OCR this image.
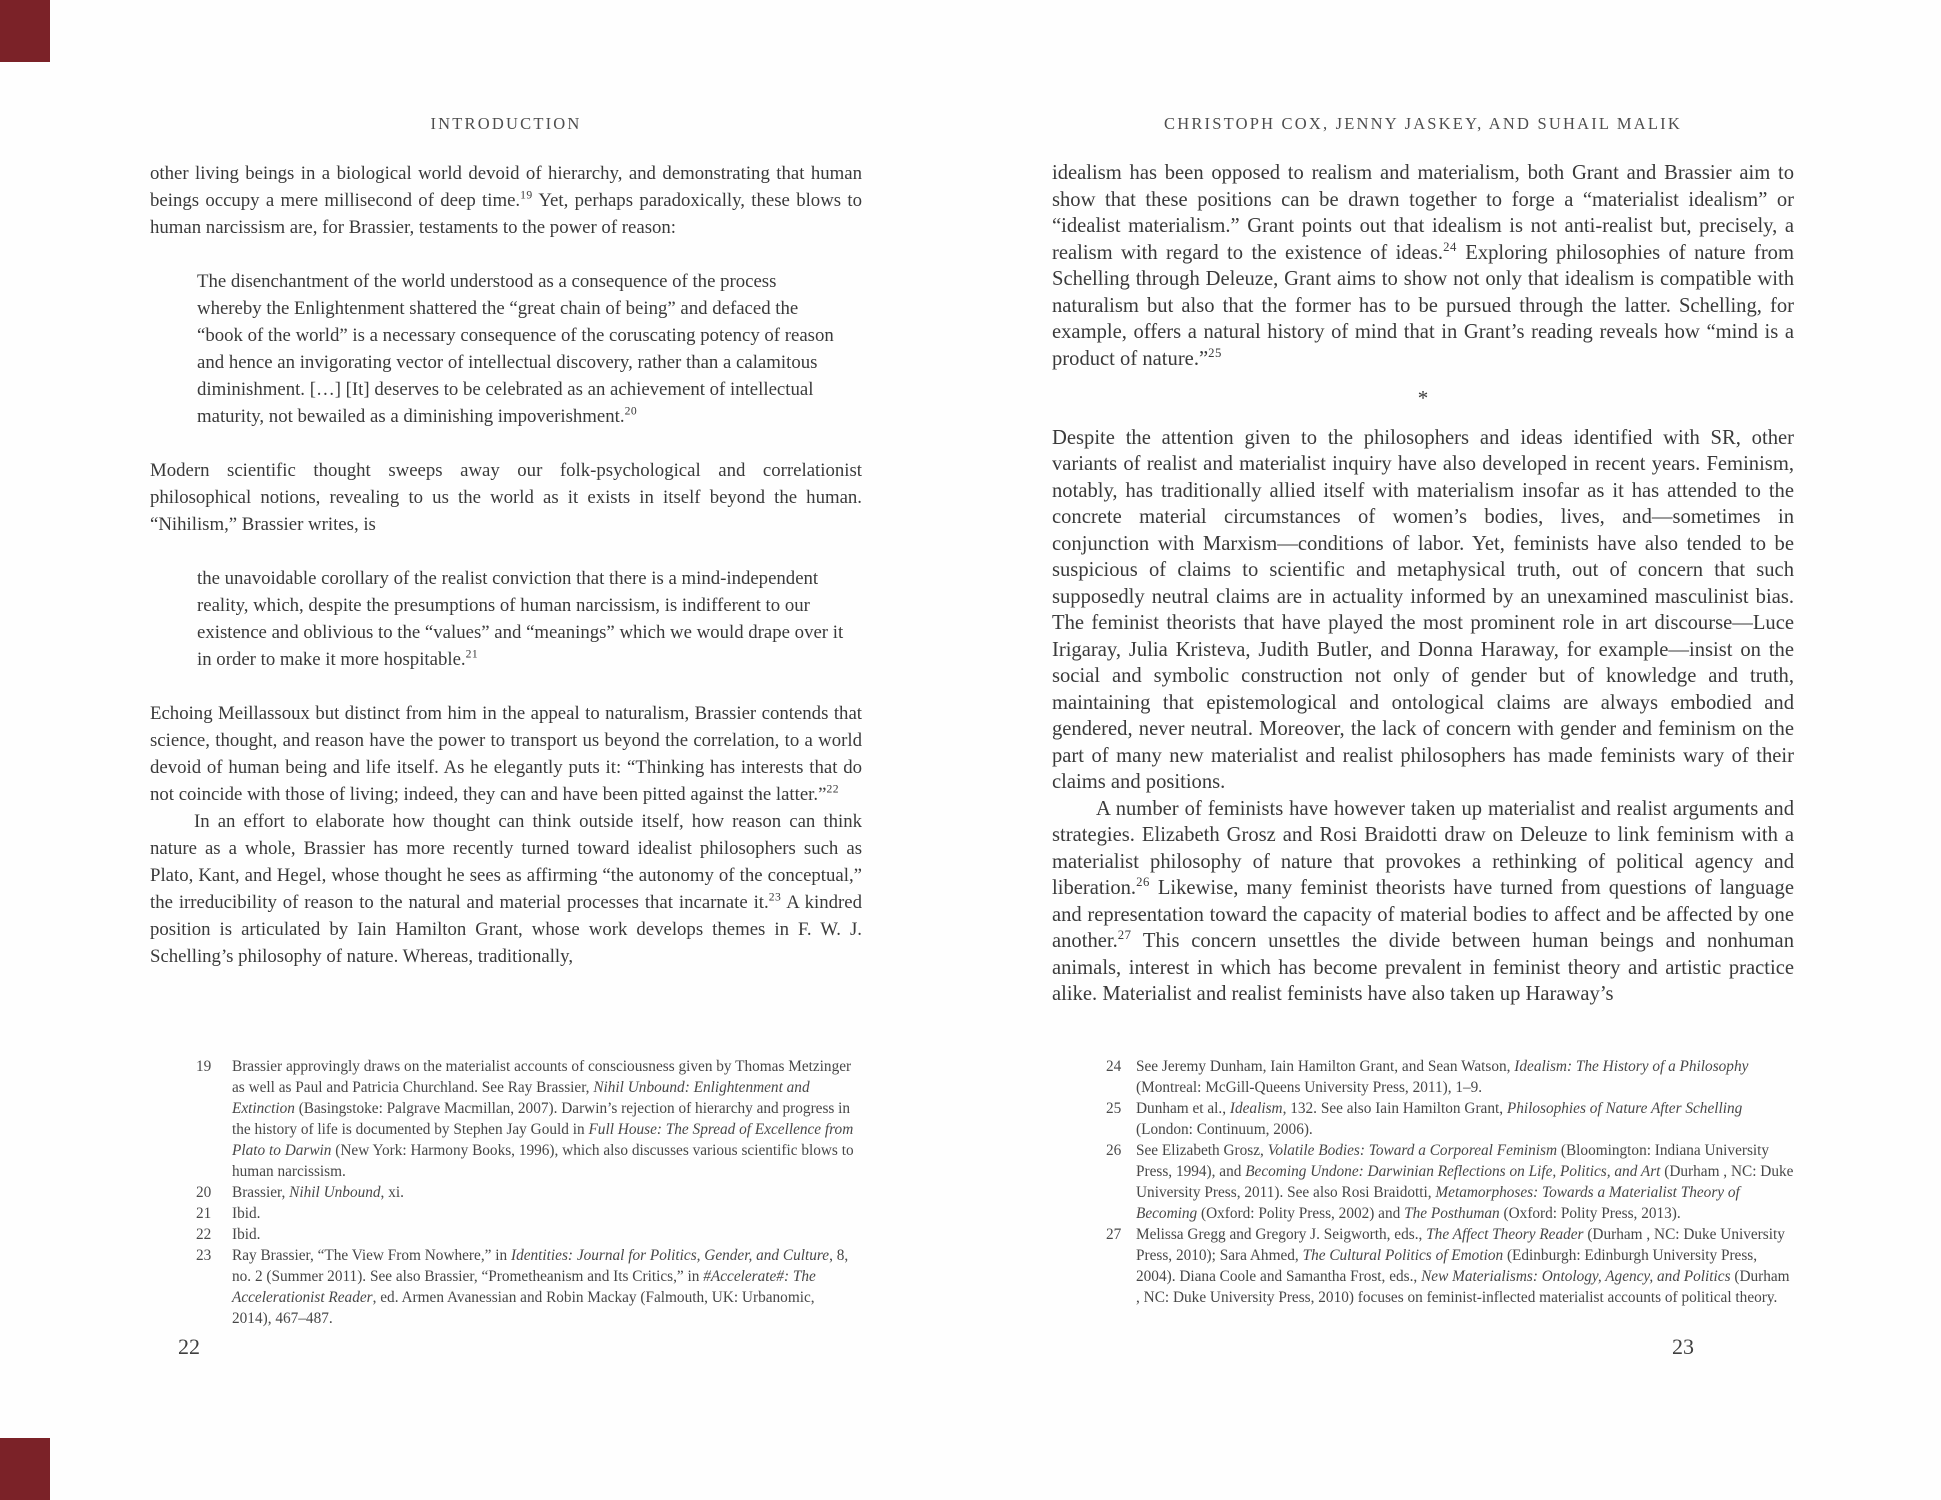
INTRODUCTION

other living beings in a biological world devoid of hierarchy, and demonstrating that human beings occupy a mere millisecond of deep time.$^{19}$ Yet, perhaps paradoxically, these blows to human narcissism are, for Brassier, testaments to the power of reason:

The disenchantment of the world understood as a consequence of the process whereby the Enlightenment shattered the “great chain of being” and defaced the “book of the world” is a necessary consequence of the coruscating potency of reason and hence an invigorating vector of intellectual discovery, rather than a calamitous diminishment. […] [It] deserves to be celebrated as an achievement of intellectual maturity, not bewailed as a diminishing impoverishment.$^{20}$

Modern scientific thought sweeps away our folk-psychological and correlationist philosophical notions, revealing to us the world as it exists in itself beyond the human. “Nihilism,” Brassier writes, is

the unavoidable corollary of the realist conviction that there is a mind-independent reality, which, despite the presumptions of human narcissism, is indifferent to our existence and oblivious to the “values” and “meanings” which we would drape over it in order to make it more hospitable.$^{21}$

Echoing Meillassoux but distinct from him in the appeal to naturalism, Brassier contends that science, thought, and reason have the power to transport us beyond the correlation, to a world devoid of human being and life itself. As he elegantly puts it: “Thinking has interests that do not coincide with those of living; indeed, they can and have been pitted against the latter.”$^{22}$

In an effort to elaborate how thought can think outside itself, how reason can think nature as a whole, Brassier has more recently turned toward idealist philosophers such as Plato, Kant, and Hegel, whose thought he sees as affirming “the autonomy of the conceptual,” the irreducibility of reason to the natural and material processes that incarnate it.$^{23}$ A kindred position is articulated by Iain Hamilton Grant, whose work develops themes in F. W. J. Schelling’s philosophy of nature. Whereas, traditionally,

19	Brassier approvingly draws on the materialist accounts of consciousness given by Thomas Metzinger as well as Paul and Patricia Churchland. See Ray Brassier, Nihil Unbound: Enlightenment and Extinction (Basingstoke: Palgrave Macmillan, 2007). Darwin’s rejection of hierarchy and progress in the history of life is documented by Stephen Jay Gould in Full House: The Spread of Excellence from Plato to Darwin (New York: Harmony Books, 1996), which also discusses various scientific blows to human narcissism.
20	Brassier, Nihil Unbound, xi.
21	Ibid.
22	Ibid.
23	Ray Brassier, “The View From Nowhere,” in Identities: Journal for Politics, Gender, and Culture, 8, no. 2 (Summer 2011). See also Brassier, “Prometheanism and Its Critics,” in #Accelerate#: The Accelerationist Reader, ed. Armen Avanessian and Robin Mackay (Falmouth, UK: Urbanomic, 2014), 467–487.
22
CHRISTOPH COX, JENNY JASKEY, AND SUHAIL MALIK

idealism has been opposed to realism and materialism, both Grant and Brassier aim to show that these positions can be drawn together to forge a “materialist idealism” or “idealist materialism.” Grant points out that idealism is not anti-realist but, precisely, a realism with regard to the existence of ideas.$^{24}$ Exploring philosophies of nature from Schelling through Deleuze, Grant aims to show not only that idealism is compatible with naturalism but also that the former has to be pursued through the latter. Schelling, for example, offers a natural history of mind that in Grant’s reading reveals how “mind is a product of nature.”$^{25}$

*

Despite the attention given to the philosophers and ideas identified with SR, other variants of realist and materialist inquiry have also developed in recent years. Feminism, notably, has traditionally allied itself with materialism insofar as it has attended to the concrete material circumstances of women’s bodies, lives, and—sometimes in conjunction with Marxism—conditions of labor. Yet, feminists have also tended to be suspicious of claims to scientific and metaphysical truth, out of concern that such supposedly neutral claims are in actuality informed by an unexamined masculinist bias. The feminist theorists that have played the most prominent role in art discourse—Luce Irigaray, Julia Kristeva, Judith Butler, and Donna Haraway, for example—insist on the social and symbolic construction not only of gender but of knowledge and truth, maintaining that epistemological and ontological claims are always embodied and gendered, never neutral. Moreover, the lack of concern with gender and feminism on the part of many new materialist and realist philosophers has made feminists wary of their claims and positions.

A number of feminists have however taken up materialist and realist arguments and strategies. Elizabeth Grosz and Rosi Braidotti draw on Deleuze to link feminism with a materialist philosophy of nature that provokes a rethinking of political agency and liberation.$^{26}$ Likewise, many feminist theorists have turned from questions of language and representation toward the capacity of material bodies to affect and be affected by one another.$^{27}$ This concern unsettles the divide between human beings and nonhuman animals, interest in which has become prevalent in feminist theory and artistic practice alike. Materialist and realist feminists have also taken up Haraway’s

24 See Jeremy Dunham, Iain Hamilton Grant, and Sean Watson, Idealism: The History of a Philosophy (Montreal: McGill-Queens University Press, 2011), 1–9.
25 Dunham et al., Idealism, 132. See also Iain Hamilton Grant, Philosophies of Nature After Schelling (London: Continuum, 2006).
26 See Elizabeth Grosz, Volatile Bodies: Toward a Corporeal Feminism (Bloomington: Indiana University Press, 1994), and Becoming Undone: Darwinian Reflections on Life, Politics, and Art (Durham , NC: Duke University Press, 2011). See also Rosi Braidotti, Metamorphoses: Towards a Materialist Theory of Becoming (Oxford: Polity Press, 2002) and The Posthuman (Oxford: Polity Press, 2013).
27 Melissa Gregg and Gregory J. Seigworth, eds., The Affect Theory Reader (Durham , NC: Duke University Press, 2010); Sara Ahmed, The Cultural Politics of Emotion (Edinburgh: Edinburgh University Press, 2004). Diana Coole and Samantha Frost, eds., New Materialisms: Ontology, Agency, and Politics (Durham , NC: Duke University Press, 2010) focuses on feminist-inflected materialist accounts of political theory.
23
